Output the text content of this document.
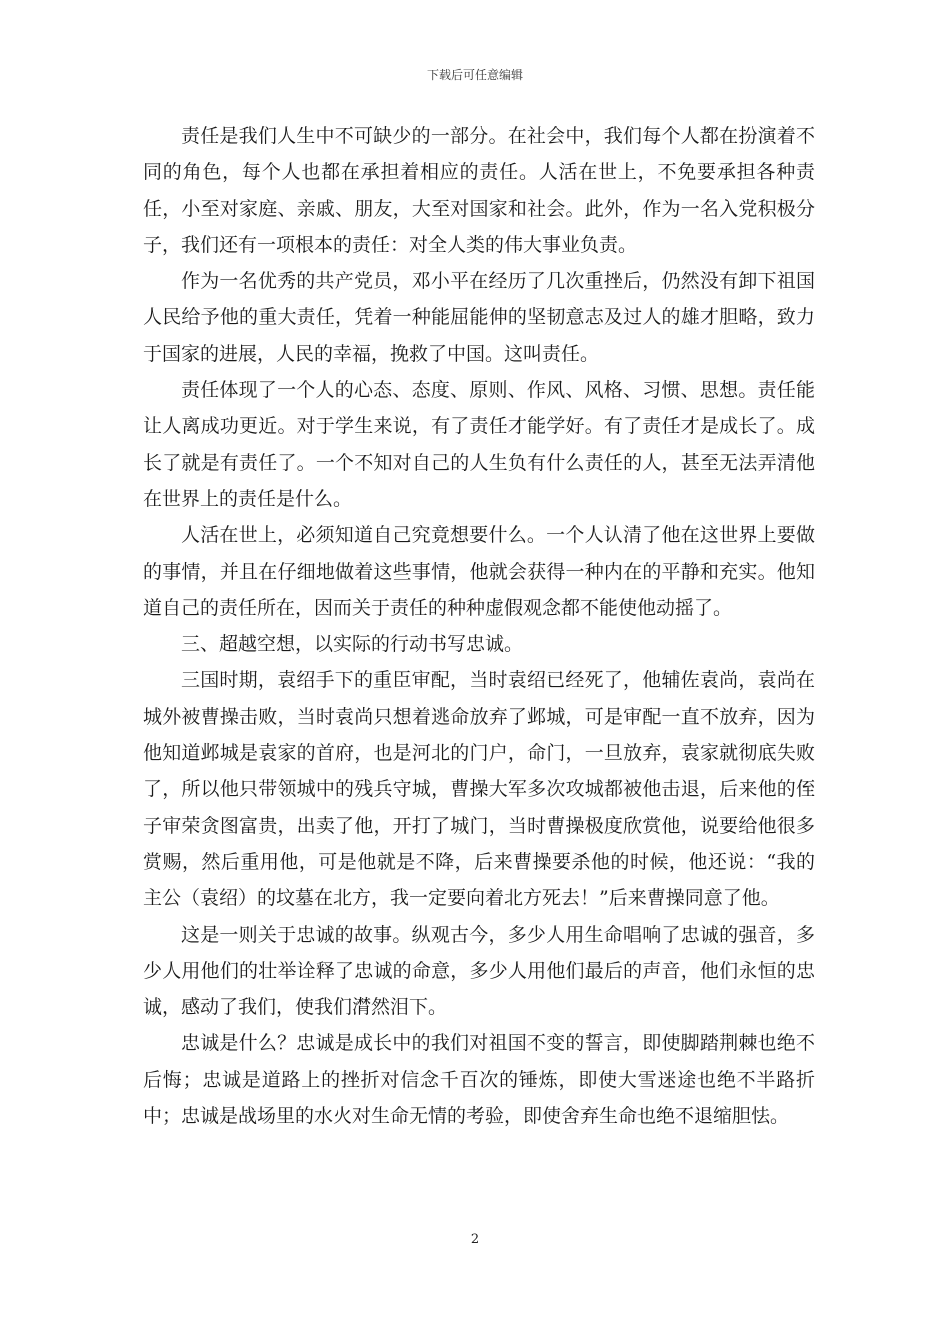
下载后可任意编辑

责任是我们人生中不可缺少的一部分。在社会中，我们每个人都在扮演着不同的角色，每个人也都在承担着相应的责任。人活在世上，不免要承担各种责任，小至对家庭、亲戚、朋友，大至对国家和社会。此外，作为一名入党积极分子，我们还有一项根本的责任：对全人类的伟大事业负责。

作为一名优秀的共产党员，邓小平在经历了几次重挫后，仍然没有卸下祖国人民给予他的重大责任，凭着一种能屈能伸的坚韧意志及过人的雄才胆略，致力于国家的进展，人民的幸福，挽救了中国。这叫责任。

责任体现了一个人的心态、态度、原则、作风、风格、习惯、思想。责任能让人离成功更近。对于学生来说，有了责任才能学好。有了责任才是成长了。成长了就是有责任了。一个不知对自己的人生负有什么责任的人，甚至无法弄清他在世界上的责任是什么。

人活在世上，必须知道自己究竟想要什么。一个人认清了他在这世界上要做的事情，并且在仔细地做着这些事情，他就会获得一种内在的平静和充实。他知道自己的责任所在，因而关于责任的种种虚假观念都不能使他动摇了。

三、超越空想，以实际的行动书写忠诚。

三国时期，袁绍手下的重臣审配，当时袁绍已经死了，他辅佐袁尚，袁尚在城外被曹操击败，当时袁尚只想着逃命放弃了邺城，可是审配一直不放弃，因为他知道邺城是袁家的首府，也是河北的门户，命门，一旦放弃，袁家就彻底失败了，所以他只带领城中的残兵守城，曹操大军多次攻城都被他击退，后来他的侄子审荣贪图富贵，出卖了他，开打了城门，当时曹操极度欣赏他，说要给他很多赏赐，然后重用他，可是他就是不降，后来曹操要杀他的时候，他还说：“我的主公（袁绍）的坟墓在北方，我一定要向着北方死去！”后来曹操同意了他。

这是一则关于忠诚的故事。纵观古今，多少人用生命唱响了忠诚的强音，多少人用他们的壮举诠释了忠诚的命意，多少人用他们最后的声音，他们永恒的忠诚，感动了我们，使我们潸然泪下。

忠诚是什么？忠诚是成长中的我们对祖国不变的誓言，即使脚踏荆棘也绝不后悔；忠诚是道路上的挫折对信念千百次的锤炼，即使大雪迷途也绝不半路折中；忠诚是战场里的水火对生命无情的考验，即使舍弃生命也绝不退缩胆怯。

2
